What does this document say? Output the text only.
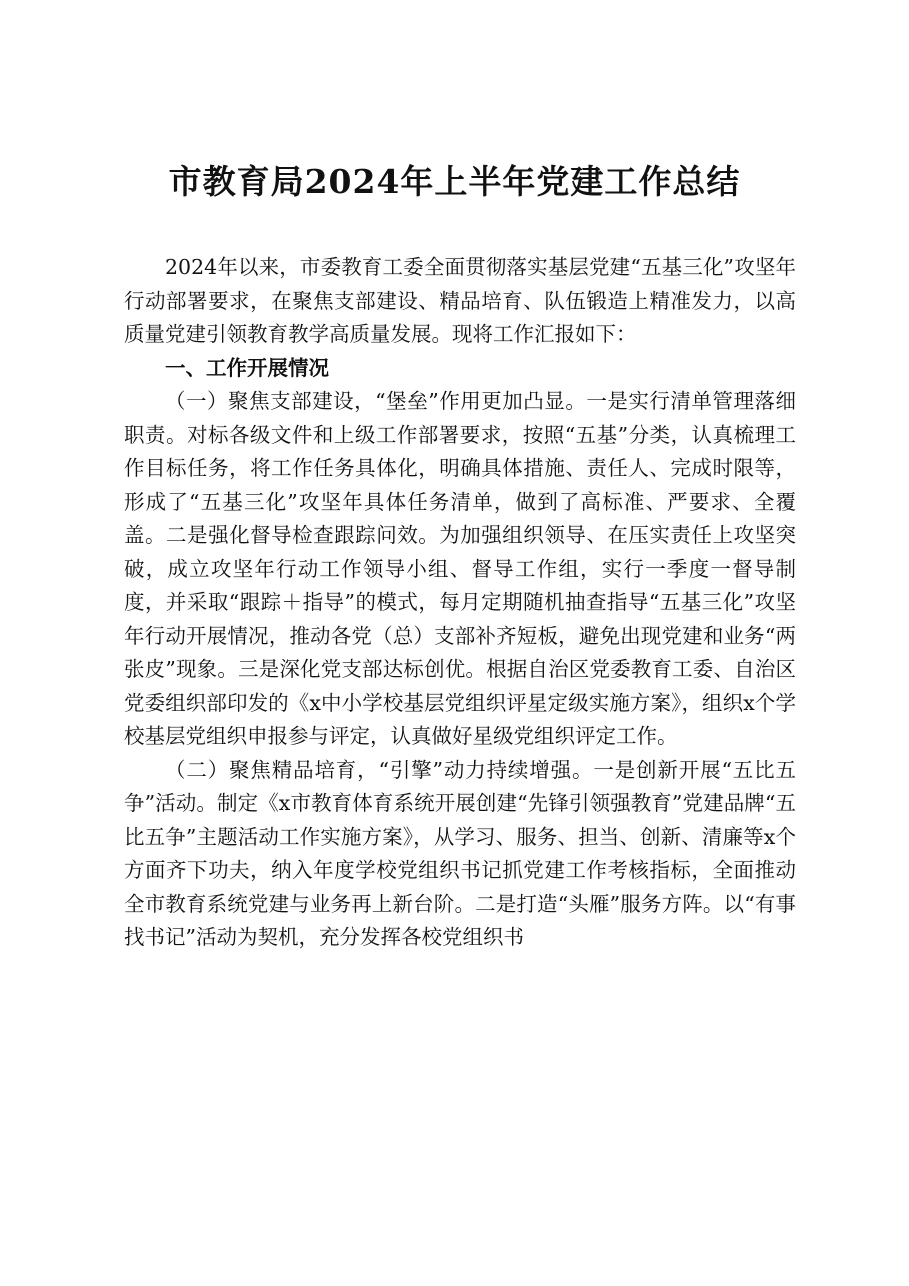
市教育局2024年上半年党建工作总结

2024年以来，市委教育工委全面贯彻落实基层党建“五基三化”攻坚年行动部署要求，在聚焦支部建设、精品培育、队伍锻造上精准发力，以高质量党建引领教育教学高质量发展。现将工作汇报如下：

一、工作开展情况

（一）聚焦支部建设，“堡垒”作用更加凸显。一是实行清单管理落细职责。对标各级文件和上级工作部署要求，按照“五基”分类，认真梳理工作目标任务，将工作任务具体化，明确具体措施、责任人、完成时限等，形成了“五基三化”攻坚年具体任务清单，做到了高标准、严要求、全覆盖。二是强化督导检查跟踪问效。为加强组织领导、在压实责任上攻坚突破，成立攻坚年行动工作领导小组、督导工作组，实行一季度一督导制度，并采取“跟踪＋指导”的模式，每月定期随机抽查指导“五基三化”攻坚年行动开展情况，推动各党（总）支部补齐短板，避免出现党建和业务“两张皮”现象。三是深化党支部达标创优。根据自治区党委教育工委、自治区党委组织部印发的《x中小学校基层党组织评星定级实施方案》，组织x个学校基层党组织申报参与评定，认真做好星级党组织评定工作。

（二）聚焦精品培育，“引擎”动力持续增强。一是创新开展“五比五争”活动。制定《x市教育体育系统开展创建“先锋引领强教育”党建品牌“五比五争”主题活动工作实施方案》，从学习、服务、担当、创新、清廉等x个方面齐下功夫，纳入年度学校党组织书记抓党建工作考核指标，全面推动全市教育系统党建与业务再上新台阶。二是打造“头雁”服务方阵。以“有事找书记”活动为契机，充分发挥各校党组织书
